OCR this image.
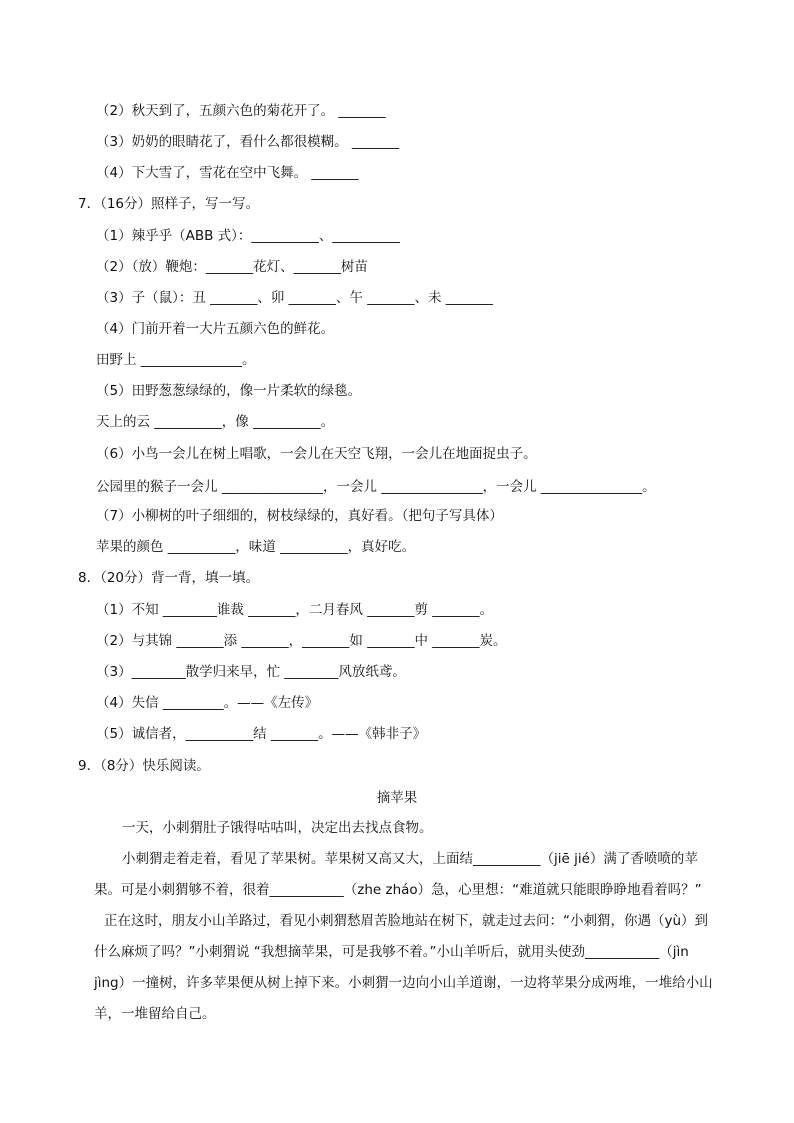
（2）秋天到了，五颜六色的菊花开了。 _______
（3）奶奶的眼睛花了，看什么都很模糊。 _______
（4）下大雪了，雪花在空中飞舞。 _______
7．（16分）照样子，写一写。
（1）辣乎乎（ABB 式）：__________、__________
（2）（放）鞭炮：_______花灯、_______树苗
（3）子（鼠）：丑 _______、卯 _______、午 _______、未 _______
（4）门前开着一大片五颜六色的鲜花。
田野上 _______________。
（5）田野葱葱绿绿的，像一片柔软的绿毯。
天上的云 __________，像 __________。
（6）小鸟一会儿在树上唱歌，一会儿在天空飞翔，一会儿在地面捉虫子。
公园里的猴子一会儿 _______________，一会儿 _______________，一会儿 _______________。
（7）小柳树的叶子细细的，树枝绿绿的，真好看。（把句子写具体）
苹果的颜色 __________，味道 __________，真好吃。
8．（20分）背一背，填一填。
（1）不知 ________谁裁 _______，二月春风 _______剪 _______。
（2）与其锦 _______添 _______，_______如 _______中 _______炭。
（3）________散学归来早，忙 ________风放纸鸢。
（4）失信 _________。——《左传》
（5）诚信者，__________结 _______。——《韩非子》
9．（8分）快乐阅读。
摘苹果
一天，小刺猬肚子饿得咕咕叫，决定出去找点食物。
小刺猬走着走着，看见了苹果树。苹果树又高又大，上面结__________（jiē jié）满了香喷喷的苹果。可是小刺猬够不着，很着___________（zhe zháo）急，心里想：“难道就只能眼睁睁地看着吗？”
正在这时，朋友小山羊路过，看见小刺猬愁眉苦脸地站在树下，就走过去问：“小刺猬，你遇（yù）到什么麻烦了吗？”小刺猬说 “我想摘苹果，可是我够不着。”小山羊听后，就用头使劲___________（jìn jìng）一撞树，许多苹果便从树上掉下来。小刺猬一边向小山羊道谢，一边将苹果分成两堆，一堆给小山羊，一堆留给自己。
